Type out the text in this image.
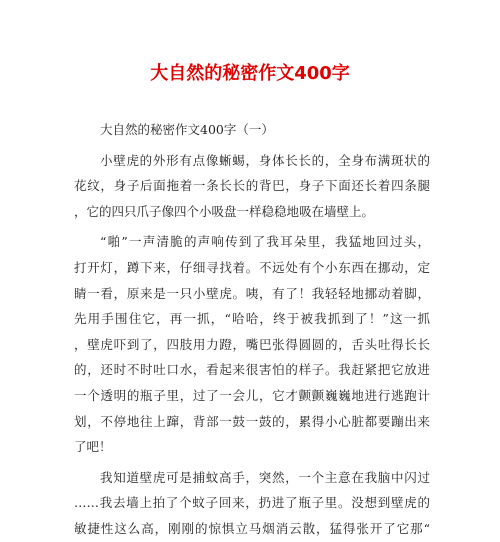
大自然的秘密作文400字
大自然的秘密作文400字（一）
小壁虎的外形有点像蜥蜴，身体长长的，全身布满斑状的
花纹，身子后面拖着一条长长的背巴，身子下面还长着四条腿
，它的四只爪子像四个小吸盘一样稳稳地吸在墙壁上。
“啪”一声清脆的声响传到了我耳朵里，我猛地回过头，
打开灯，蹲下来，仔细寻找着。不远处有个小东西在挪动，定
睛一看，原来是一只小壁虎。咦，有了！我轻轻地挪动着脚，
先用手围住它，再一抓，“哈哈，终于被我抓到了！”这一抓
，壁虎吓到了，四肢用力蹬，嘴巴张得圆圆的，舌头吐得长长
的，还时不时吐口水，看起来很害怕的样子。我赶紧把它放进
一个透明的瓶子里，过了一会儿，它才颤颤巍巍地进行逃跑计
划，不停地往上蹿，背部一鼓一鼓的，累得小心脏都要蹦出来
了吧！
我知道壁虎可是捕蚊高手，突然，一个主意在我脑中闪过
……我去墙上拍了个蚊子回来，扔进了瓶子里。没想到壁虎的
敏捷性这么高，刚刚的惊惧立马烟消云散，猛得张开了它那“
